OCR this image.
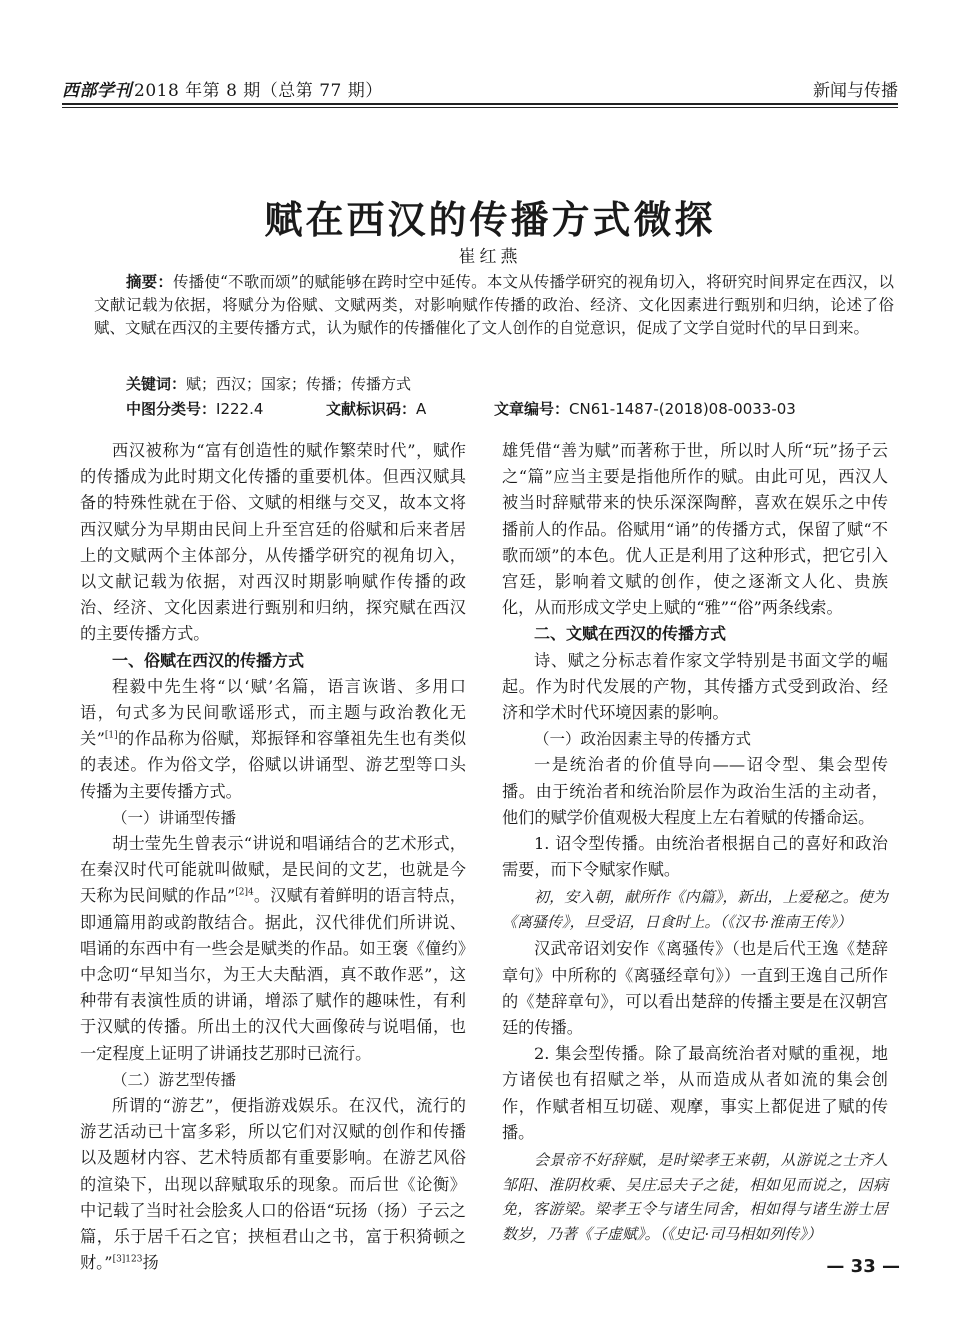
西部学刊 2018 年第 8 期（总第 77 期）	新闻与传播
赋在西汉的传播方式微探
崔红燕

摘要：传播使“不歌而颂”的赋能够在跨时空中延传。本文从传播学研究的视角切入，将研究时间界定在西汉，以文献记载为依据，将赋分为俗赋、文赋两类，对影响赋作传播的政治、经济、文化因素进行甄别和归纳，论述了俗赋、文赋在西汉的主要传播方式，认为赋作的传播催化了文人创作的自觉意识，促成了文学自觉时代的早日到来。

关键词：赋；西汉；国家；传播；传播方式
中图分类号：I222.4	文献标识码：A	文章编号：CN61-1487-(2018)08-0033-03

西汉被称为“富有创造性的赋作繁荣时代”，赋作的传播成为此时期文化传播的重要机体。但西汉赋具备的特殊性就在于俗、文赋的相继与交叉，故本文将西汉赋分为早期由民间上升至宫廷的俗赋和后来者居上的文赋两个主体部分，从传播学研究的视角切入，以文献记载为依据，对西汉时期影响赋作传播的政治、经济、文化因素进行甄别和归纳，探究赋在西汉的主要传播方式。

一、俗赋在西汉的传播方式

程毅中先生将“以‘赋’名篇，语言诙谐、多用口语，句式多为民间歌谣形式，而主题与政治教化无关”[1]的作品称为俗赋，郑振铎和容肇祖先生也有类似的表述。作为俗文学，俗赋以讲诵型、游艺型等口头传播为主要传播方式。

（一）讲诵型传播

胡士莹先生曾表示“讲说和唱诵结合的艺术形式，在秦汉时代可能就叫做赋，是民间的文艺，也就是今天称为民间赋的作品”$^{[2]4}$。汉赋有着鲜明的语言特点，即通篇用韵或韵散结合。据此，汉代徘优们所讲说、唱诵的东西中有一些会是赋类的作品。如王褒《僮约》中念叨“早知当尔，为王大夫酤酒，真不敢作恶”，这种带有表演性质的讲诵，增添了赋作的趣味性，有利于汉赋的传播。所出土的汉代大画像砖与说唱俑，也一定程度上证明了讲诵技艺那时已流行。

（二）游艺型传播

所谓的“游艺”，便指游戏娱乐。在汉代，流行的游艺活动已十富多彩，所以它们对汉赋的创作和传播以及题材内容、艺术特质都有重要影响。在游艺风俗的渲染下，出现以辞赋取乐的现象。而后世《论衡》中记载了当时社会脍炙人口的俗语“玩扬（扬）子云之篇，乐于居千石之官；挟桓君山之书，富于积猗顿之财。”$^{[3]123}$扬

雄凭借“善为赋”而著称于世，所以时人所“玩”扬子云之“篇”应当主要是指他所作的赋。由此可见，西汉人被当时辞赋带来的快乐深深陶醉，喜欢在娱乐之中传播前人的作品。俗赋用“诵”的传播方式，保留了赋“不歌而颂”的本色。优人正是利用了这种形式，把它引入宫廷，影响着文赋的创作，使之逐渐文人化、贵族化，从而形成文学史上赋的“雅”“俗”两条线索。

二、文赋在西汉的传播方式

诗、赋之分标志着作家文学特别是书面文学的崛起。作为时代发展的产物，其传播方式受到政治、经济和学术时代环境因素的影响。

（一）政治因素主导的传播方式

一是统治者的价值导向——诏令型、集会型传播。由于统治者和统治阶层作为政治生活的主动者，他们的赋学价值观极大程度上左右着赋的传播命运。

1. 诏令型传播。由统治者根据自己的喜好和政治需要，而下令赋家作赋。

初，安入朝，献所作《内篇》，新出，上爱秘之。使为《离骚传》，旦受诏，日食时上。（《汉书·淮南王传》）

汉武帝诏刘安作《离骚传》（也是后代王逸《楚辞章句》中所称的《离骚经章句》）一直到王逸自己所作的《楚辞章句》，可以看出楚辞的传播主要是在汉朝宫廷的传播。

2. 集会型传播。除了最高统治者对赋的重视，地方诸侯也有招赋之举，从而造成从者如流的集会创作，作赋者相互切磋、观摩，事实上都促进了赋的传播。

会景帝不好辞赋，是时梁孝王来朝，从游说之士齐人邹阳、淮阴枚乘、吴庄忌夫子之徒，相如见而说之，因病免，客游梁。梁孝王令与诸生同舍，相如得与诸生游士居数岁，乃著《子虚赋》。（《史记·司马相如列传》）

— 33 —
